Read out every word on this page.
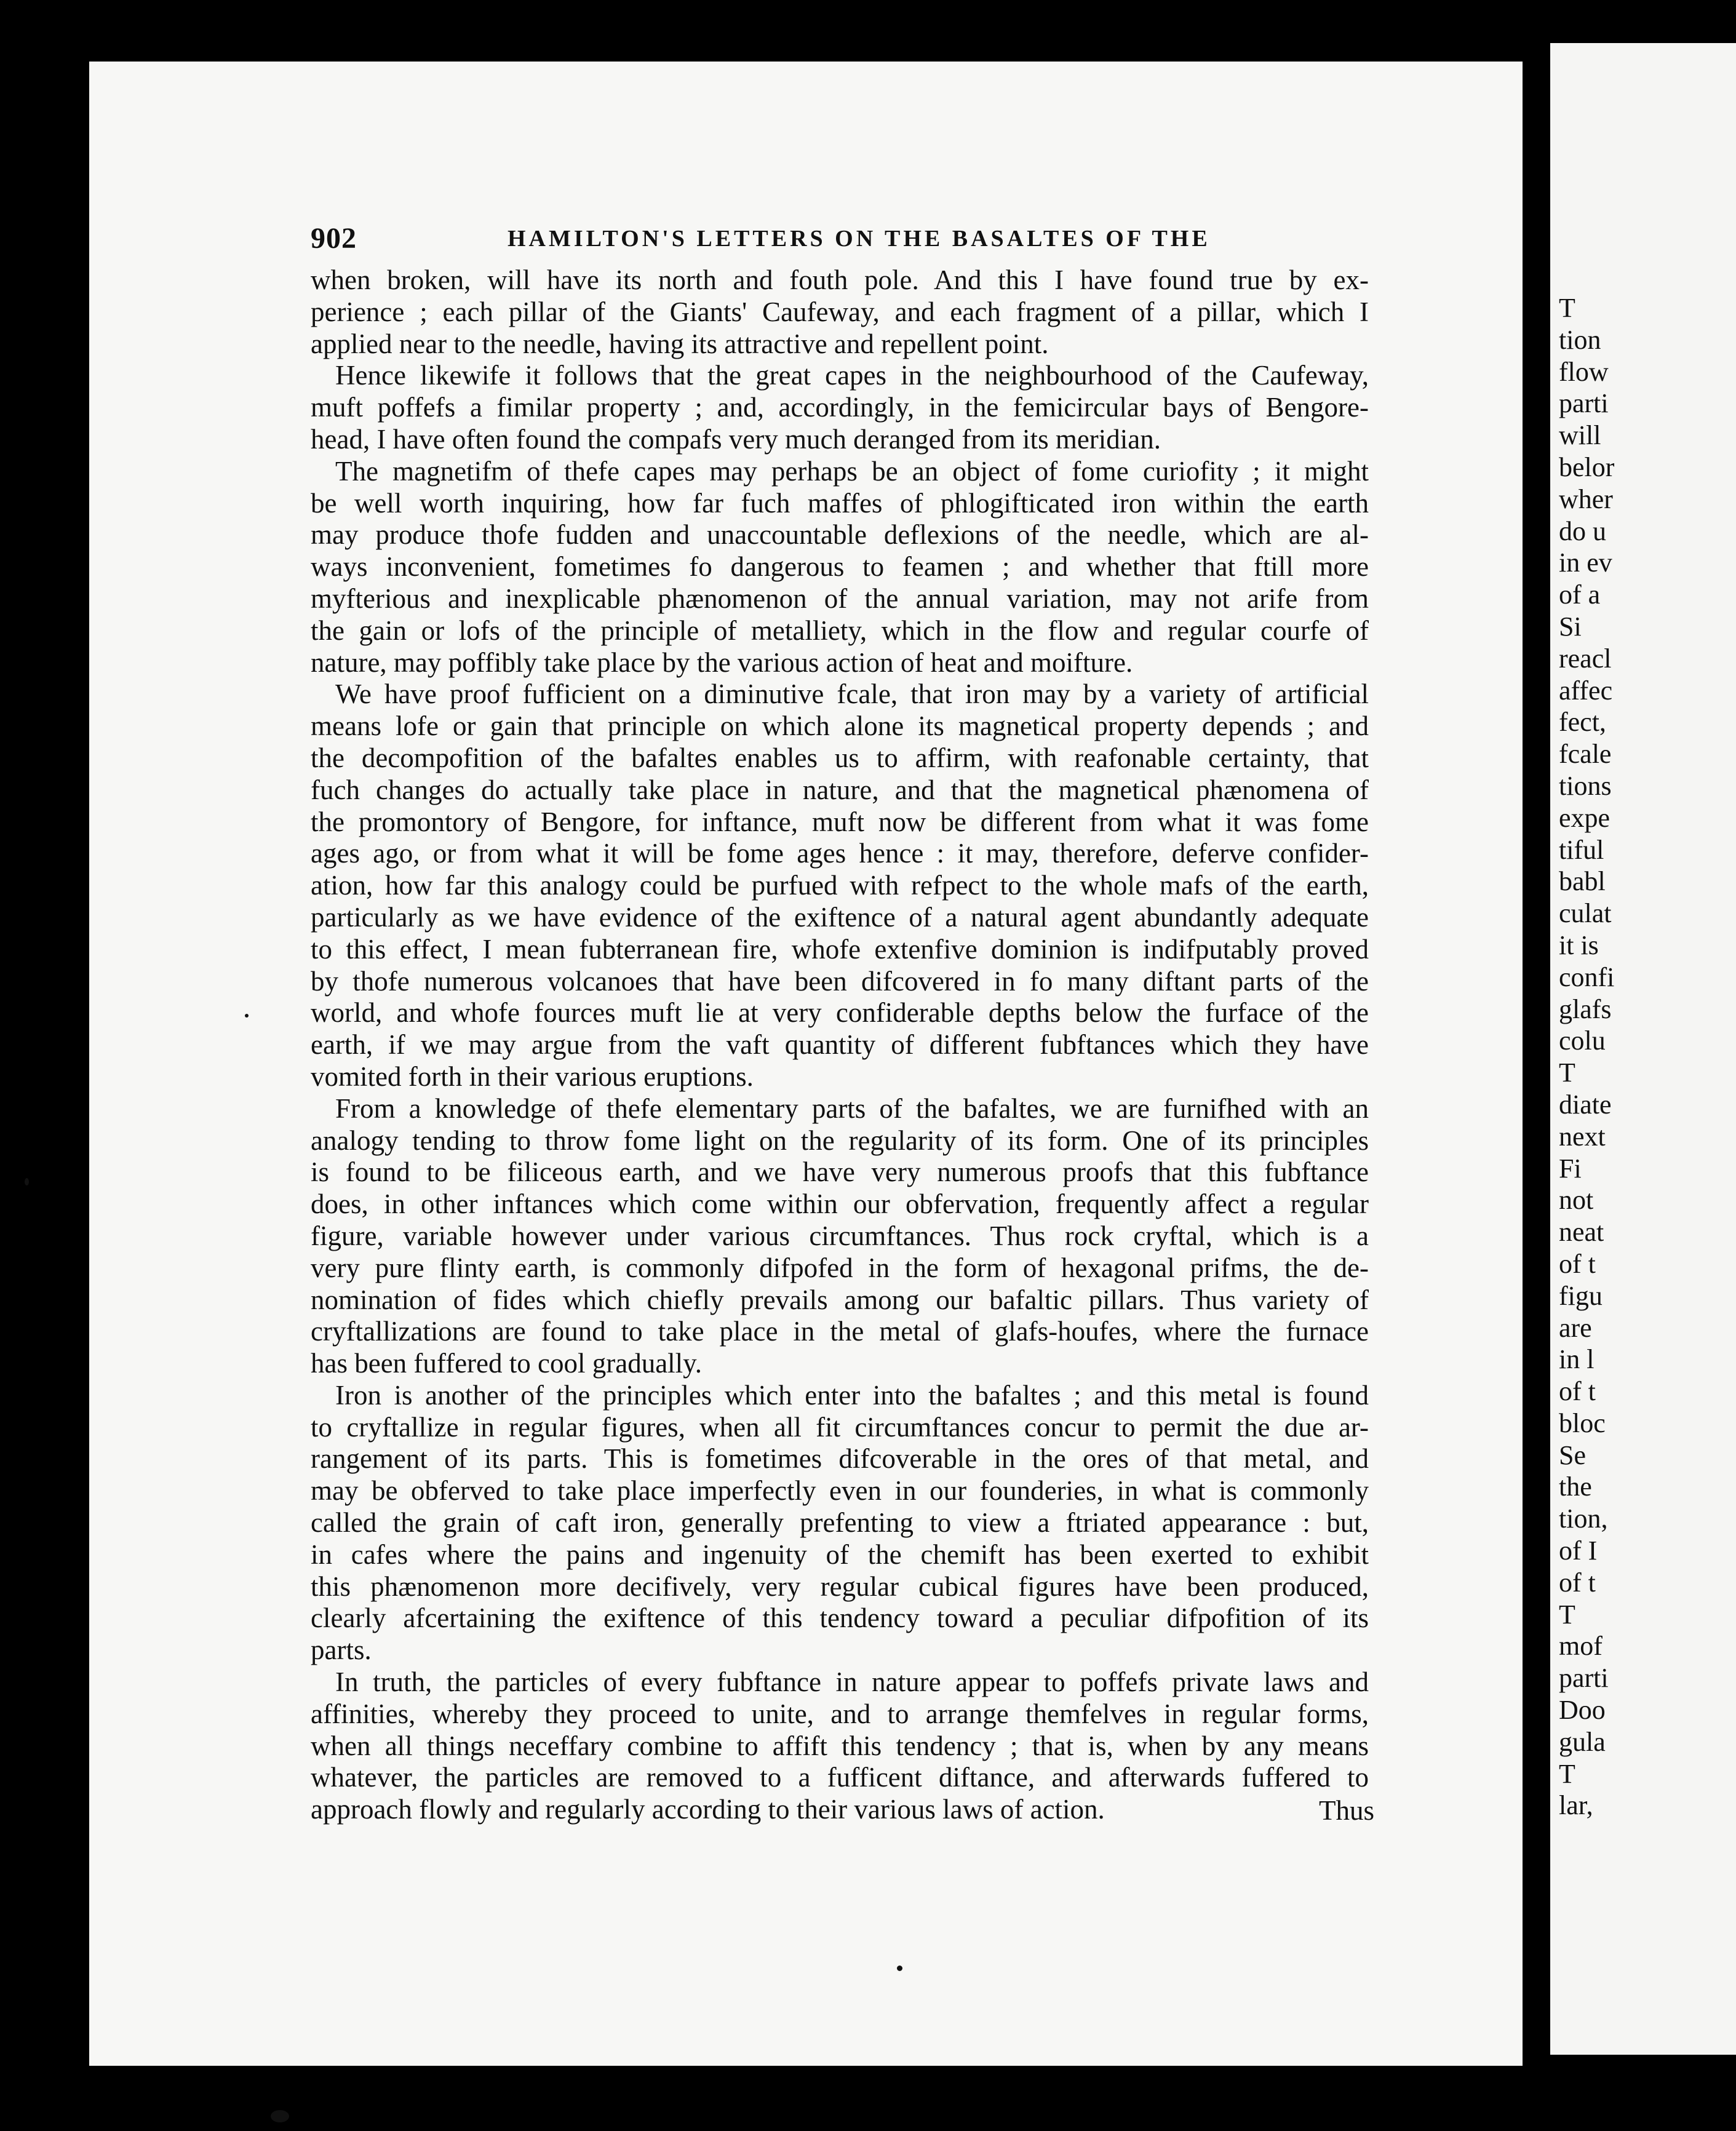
T
tion
flow
parti
will
belor
wher
do u
in ev
of a
Si
reacl
affec
fect,
fcale
tions
expe
tiful
babl
culat
it is
confi
glafs
colu
T
diate
next
Fi
not
neat
of t
figu
are
in l
of t
bloc
Se
the
tion,
of I
of t
T
mof
parti
Doo
gula
T
lar,
902	HAMILTON'S LETTERS ON THE BASALTES OF THE
when broken, will have its north and fouth pole. And this I have found true by ex-
perience ; each pillar of the Giants' Caufeway, and each fragment of a pillar, which I
applied near to the needle, having its attractive and repellent point.
Hence likewife it follows that the great capes in the neighbourhood of the Caufeway,
muft poffefs a fimilar property ; and, accordingly, in the femicircular bays of Bengore-
head, I have often found the compafs very much deranged from its meridian.
The magnetifm of thefe capes may perhaps be an object of fome curiofity ; it might
be well worth inquiring, how far fuch maffes of phlogifticated iron within the earth
may produce thofe fudden and unaccountable deflexions of the needle, which are al-
ways inconvenient, fometimes fo dangerous to feamen ; and whether that ftill more
myfterious and inexplicable phænomenon of the annual variation, may not arife from
the gain or lofs of the principle of metalliety, which in the flow and regular courfe of
nature, may poffibly take place by the various action of heat and moifture.
We have proof fufficient on a diminutive fcale, that iron may by a variety of artificial
means lofe or gain that principle on which alone its magnetical property depends ; and
the decompofition of the bafaltes enables us to affirm, with reafonable certainty, that
fuch changes do actually take place in nature, and that the magnetical phænomena of
the promontory of Bengore, for inftance, muft now be different from what it was fome
ages ago, or from what it will be fome ages hence : it may, therefore, deferve confider-
ation, how far this analogy could be purfued with refpect to the whole mafs of the earth,
particularly as we have evidence of the exiftence of a natural agent abundantly adequate
to this effect, I mean fubterranean fire, whofe extenfive dominion is indifputably proved
by thofe numerous volcanoes that have been difcovered in fo many diftant parts of the
world, and whofe fources muft lie at very confiderable depths below the furface of the
earth, if we may argue from the vaft quantity of different fubftances which they have
vomited forth in their various eruptions.
From a knowledge of thefe elementary parts of the bafaltes, we are furnifhed with an
analogy tending to throw fome light on the regularity of its form. One of its principles
is found to be filiceous earth, and we have very numerous proofs that this fubftance
does, in other inftances which come within our obfervation, frequently affect a regular
figure, variable however under various circumftances. Thus rock cryftal, which is a
very pure flinty earth, is commonly difpofed in the form of hexagonal prifms, the de-
nomination of fides which chiefly prevails among our bafaltic pillars. Thus variety of
cryftallizations are found to take place in the metal of glafs-houfes, where the furnace
has been fuffered to cool gradually.
Iron is another of the principles which enter into the bafaltes ; and this metal is found
to cryftallize in regular figures, when all fit circumftances concur to permit the due ar-
rangement of its parts. This is fometimes difcoverable in the ores of that metal, and
may be obferved to take place imperfectly even in our founderies, in what is commonly
called the grain of caft iron, generally prefenting to view a ftriated appearance : but,
in cafes where the pains and ingenuity of the chemift has been exerted to exhibit
this phænomenon more decifively, very regular cubical figures have been produced,
clearly afcertaining the exiftence of this tendency toward a peculiar difpofition of its
parts.
In truth, the particles of every fubftance in nature appear to poffefs private laws and
affinities, whereby they proceed to unite, and to arrange themfelves in regular forms,
when all things neceffary combine to affift this tendency ; that is, when by any means
whatever, the particles are removed to a fufficent diftance, and afterwards fuffered to
approach flowly and regularly according to their various laws of action.	Thus
